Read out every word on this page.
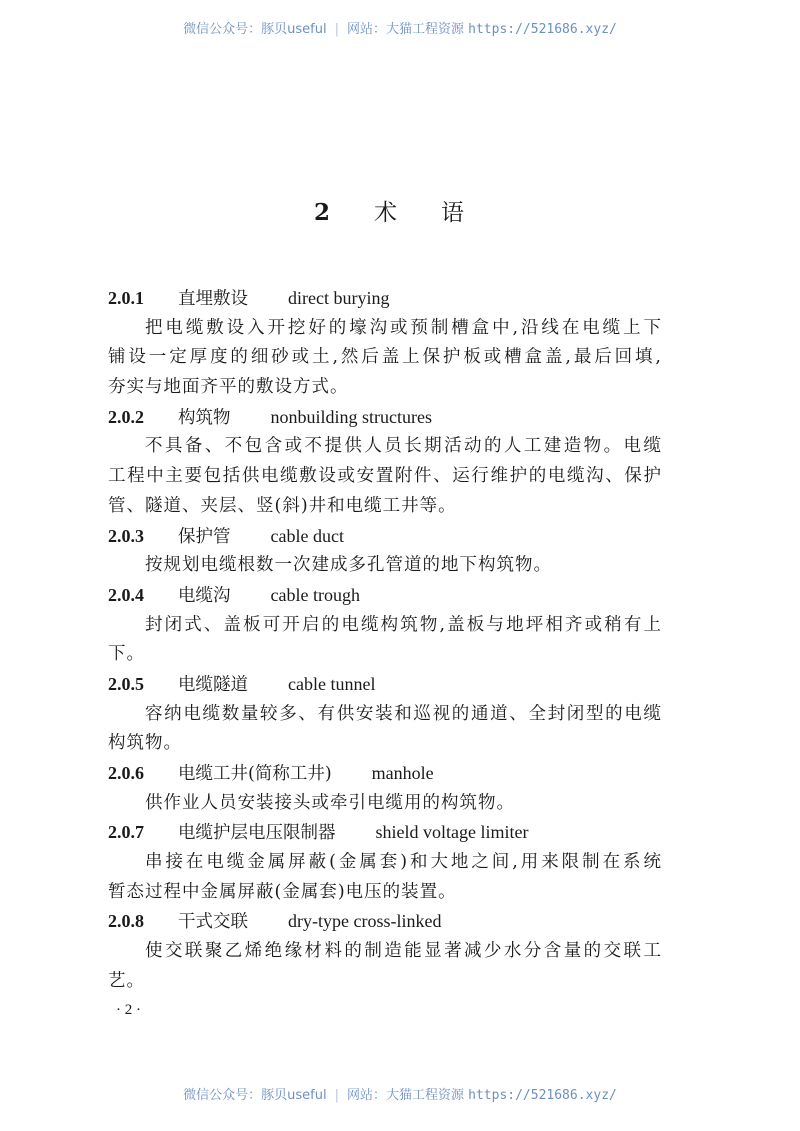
微信公众号：豚贝useful | 网站：大猫工程资源 https://521686.xyz/
2 术 语
2.0.1 直埋敷设 direct burying
把电缆敷设入开挖好的壕沟或预制槽盒中,沿线在电缆上下
铺设一定厚度的细砂或土,然后盖上保护板或槽盒盖,最后回填,
夯实与地面齐平的敷设方式。
2.0.2 构筑物 nonbuilding structures
不具备、不包含或不提供人员长期活动的人工建造物。电缆
工程中主要包括供电缆敷设或安置附件、运行维护的电缆沟、保护
管、隧道、夹层、竖(斜)井和电缆工井等。
2.0.3 保护管 cable duct
按规划电缆根数一次建成多孔管道的地下构筑物。
2.0.4 电缆沟 cable trough
封闭式、盖板可开启的电缆构筑物,盖板与地坪相齐或稍有上
下。
2.0.5 电缆隧道 cable tunnel
容纳电缆数量较多、有供安装和巡视的通道、全封闭型的电缆
构筑物。
2.0.6 电缆工井(简称工井) manhole
供作业人员安装接头或牵引电缆用的构筑物。
2.0.7 电缆护层电压限制器 shield voltage limiter
串接在电缆金属屏蔽(金属套)和大地之间,用来限制在系统
暂态过程中金属屏蔽(金属套)电压的装置。
2.0.8 干式交联 dry-type cross-linked
使交联聚乙烯绝缘材料的制造能显著减少水分含量的交联工
艺。
· 2 ·
微信公众号：豚贝useful | 网站：大猫工程资源 https://521686.xyz/
